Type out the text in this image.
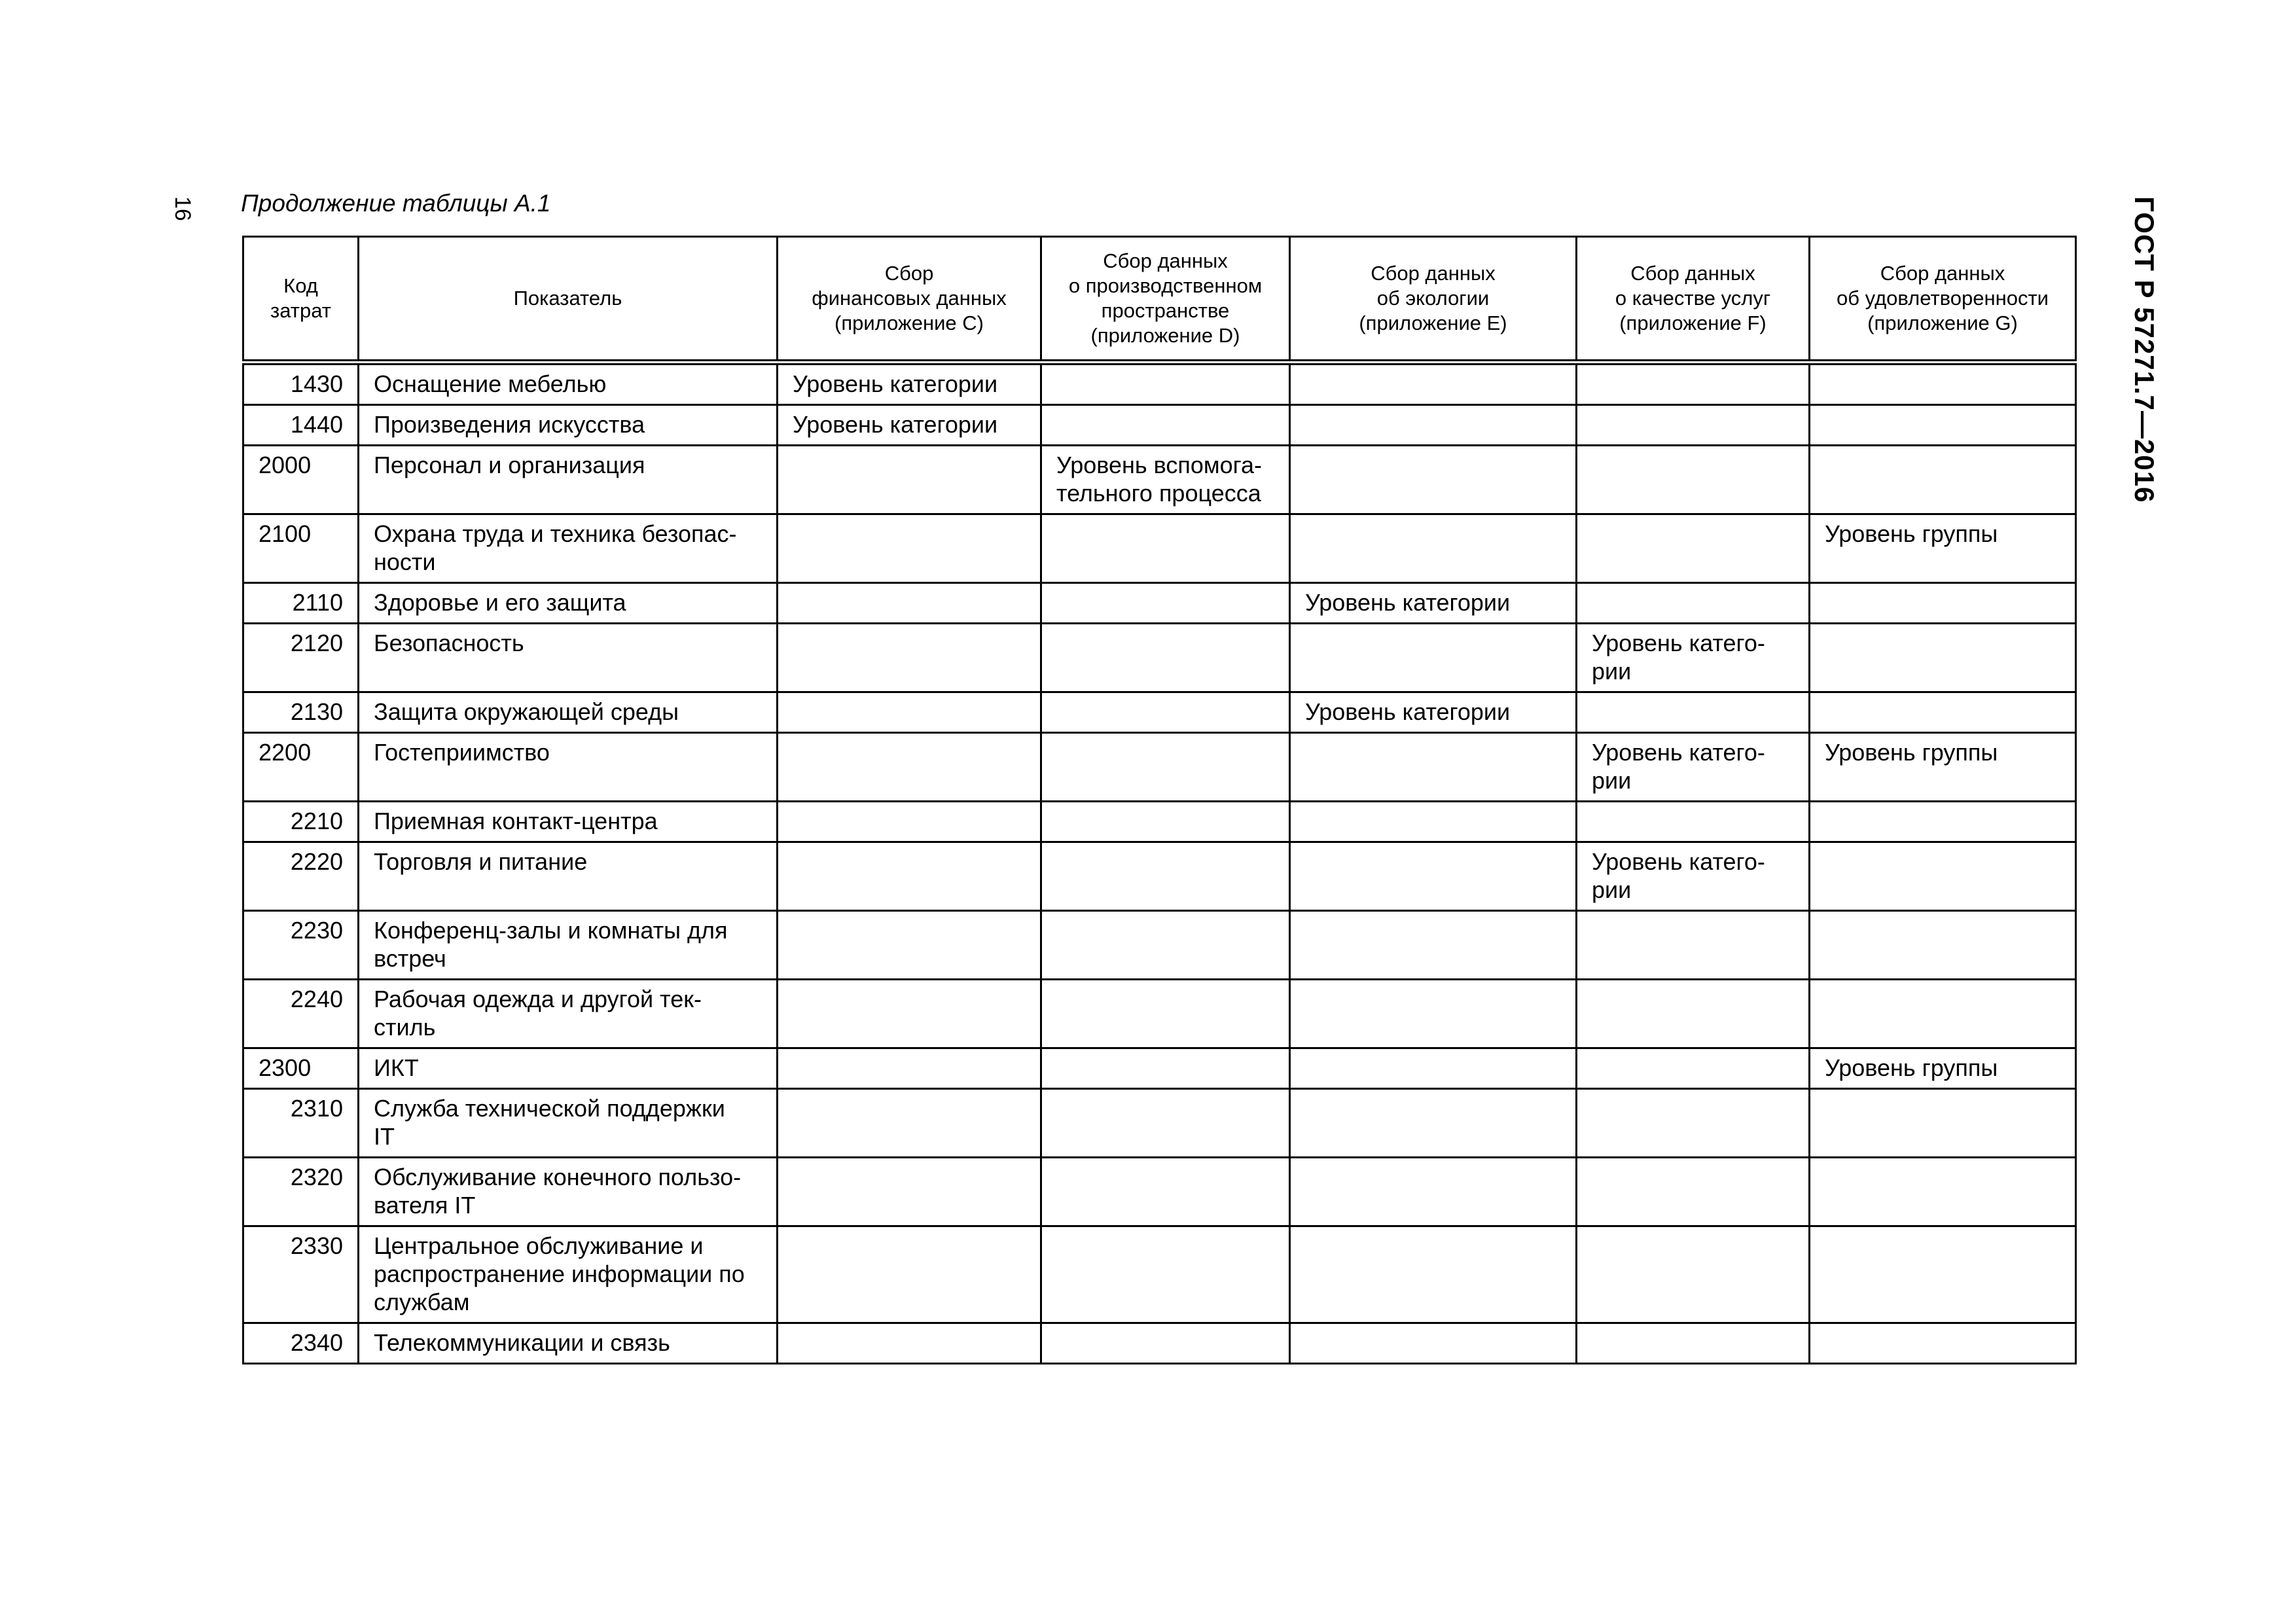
16 Продолжение таблицы А.1	ГОСТ Р 57271.7—2016
Код
затрат	Показатель	Сбор
финансовых данных
(приложение С)	Сбор данных
о производственном
пространстве
(приложение D)	Сбор данных
об экологии
(приложение Е)	Сбор данных
о качестве услуг
(приложение F)	Сбор данных
об удовлетворенности
(приложение G)

1430	Оснащение мебелью	Уровень категории				

1440	Произведения искусства	Уровень категории				

2000	Персонал и организация		Уровень вспомога-
тельного процесса			

2100	Охрана труда и техника безопас-
ности					Уровень группы

2110	Здоровье и его защита			Уровень категории		

2120	Безопасность				Уровень катего-
рии	

2130	Защита окружающей среды			Уровень категории		

2200	Гостеприимство				Уровень катего-
рии	Уровень группы

2210	Приемная контакт-центра					

2220	Торговля и питание				Уровень катего-
рии	

2230	Конференц-залы и комнаты для
встреч					

2240	Рабочая одежда и другой тек-
стиль					

2300	ИКТ					Уровень группы

2310	Служба технической поддержки
IT					

2320	Обслуживание конечного пользо-
вателя IT					

2330	Центральное обслуживание и
распространение информации по
службам					

2340	Телекоммуникации и связь					
